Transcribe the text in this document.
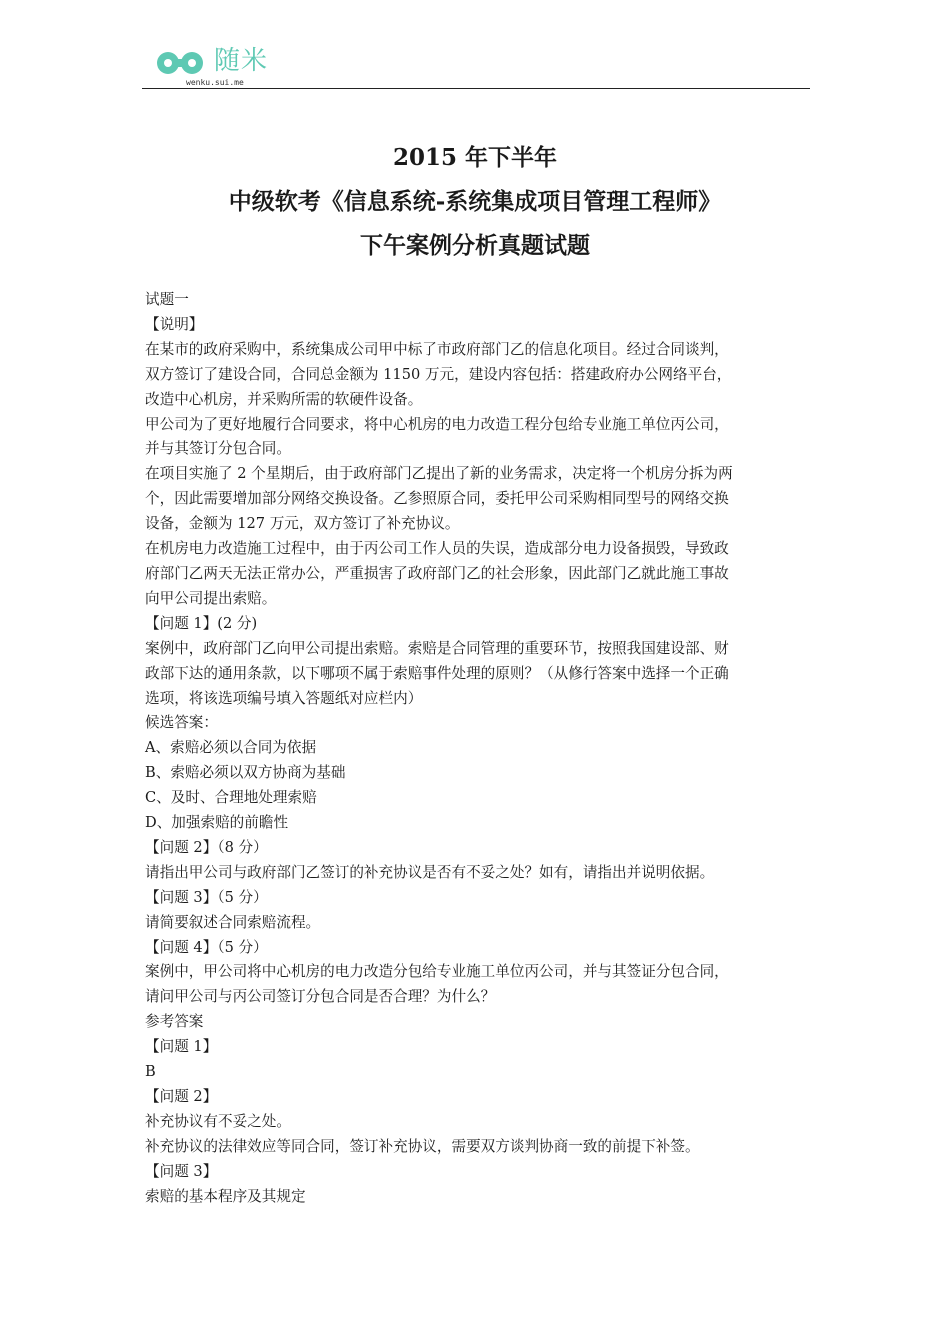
随米
wenku.sui.me
2015 年下半年
中级软考《信息系统-系统集成项目管理工程师》
下午案例分析真题试题

试题一

【说明】

在某市的政府采购中，系统集成公司甲中标了市政府部门乙的信息化项目。经过合同谈判，

双方签订了建设合同，合同总金额为 1150 万元，建设内容包括：搭建政府办公网络平台，

改造中心机房，并采购所需的软硬件设备。

甲公司为了更好地履行合同要求，将中心机房的电力改造工程分包给专业施工单位丙公司，

并与其签订分包合同。

在项目实施了 2 个星期后，由于政府部门乙提出了新的业务需求，决定将一个机房分拆为两

个，因此需要增加部分网络交换设备。乙参照原合同，委托甲公司采购相同型号的网络交换

设备，金额为 127 万元，双方签订了补充协议。

在机房电力改造施工过程中，由于丙公司工作人员的失误，造成部分电力设备损毁，导致政

府部门乙两天无法正常办公，严重损害了政府部门乙的社会形象，因此部门乙就此施工事故

向甲公司提出索赔。

【问题 1】(2 分)

案例中，政府部门乙向甲公司提出索赔。索赔是合同管理的重要环节，按照我国建设部、财

政部下达的通用条款，以下哪项不属于索赔事件处理的原则？（从修行答案中选择一个正确

选项，将该选项编号填入答题纸对应栏内）

候选答案：

A、索赔必须以合同为依据

B、索赔必须以双方协商为基础

C、及时、合理地处理索赔

D、加强索赔的前瞻性

【问题 2】（8 分）

请指出甲公司与政府部门乙签订的补充协议是否有不妥之处？如有，请指出并说明依据。

【问题 3】（5 分）

请简要叙述合同索赔流程。

【问题 4】（5 分）

案例中，甲公司将中心机房的电力改造分包给专业施工单位丙公司，并与其签证分包合同，

请问甲公司与丙公司签订分包合同是否合理？为什么？

参考答案

【问题 1】

B

【问题 2】

补充协议有不妥之处。

补充协议的法律效应等同合同，签订补充协议，需要双方谈判协商一致的前提下补签。

【问题 3】

索赔的基本程序及其规定
